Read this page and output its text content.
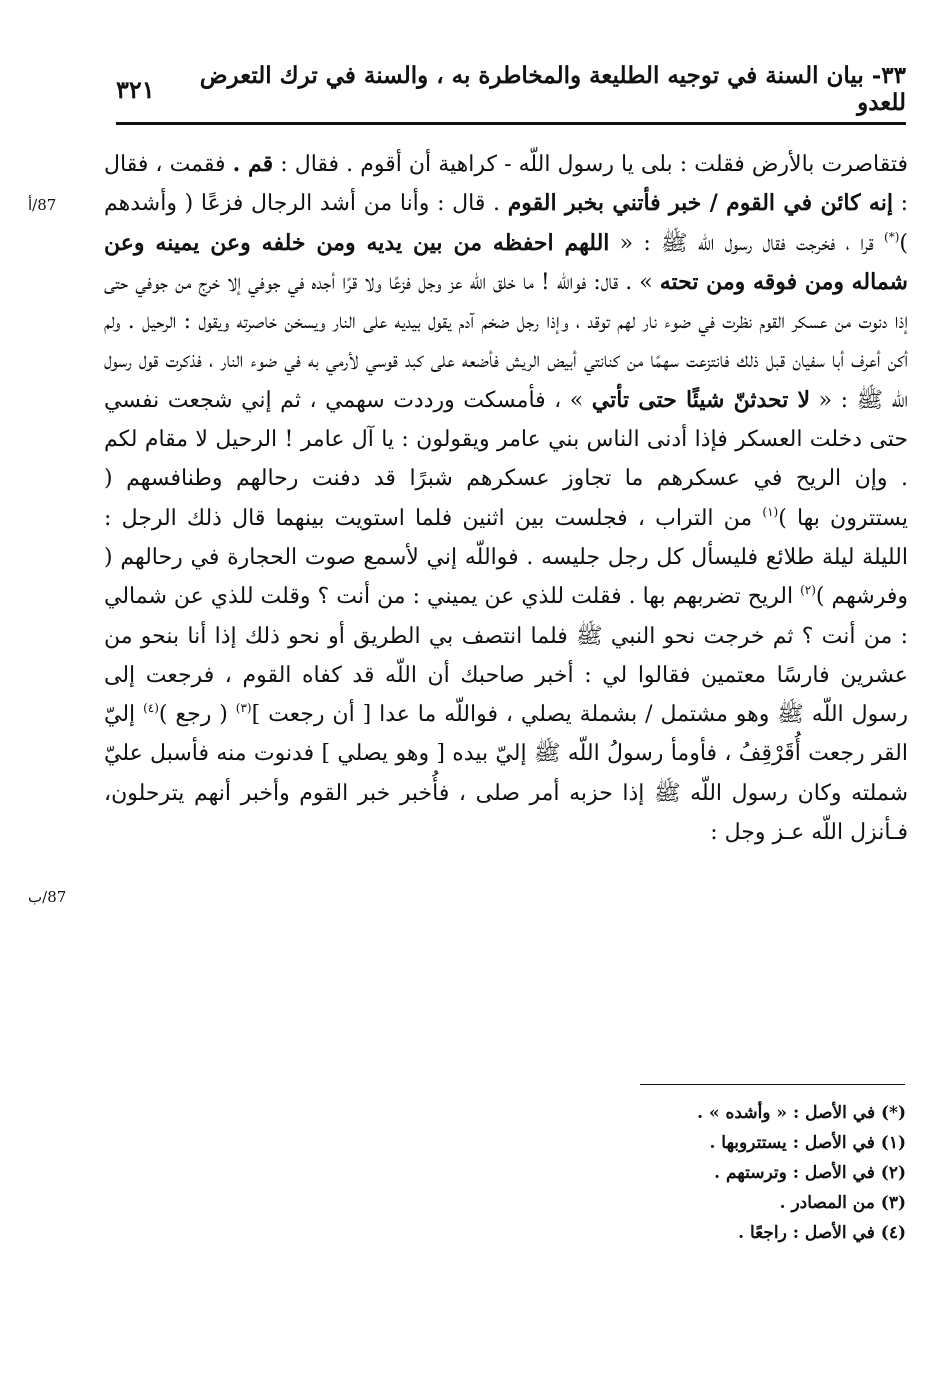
٣٣- بيان السنة في توجيه الطليعة والمخاطرة به ، والسنة في ترك التعرض للعدو
٣٢١
87/أ
87/ب

فتقاصرت بالأرض فقلت : بلى يا رسول اللّه - كراهية أن أقوم . فقال : قم . فقمت ، فقال : إنه كائن في القوم / خبر فأتني بخبر القوم . قال : وأنا من أشد الرجال فزعًا ( وأشدهم )(*) قرا ، فخرجت فقال رسول اللّه ﷺ : « اللهم احفظه من بين يديه ومن خلفه وعن يمينه وعن شماله ومن فوقه ومن تحته » . قال: فواللّه ! ما خلق اللّه عز وجل فزعًا ولا قرًا أجده في جوفي إلا خرج من جوفي حتى إذا دنوت من عسكر القوم نظرت في ضوء نار لهم توقد ، وإذا رجل ضخم آدم يقول بيديه على النار ويسخن خاصرته ويقول : الرحيل . ولم أكن أعرف أبا سفيان قبل ذلك فانتزعت سهمًا من كنانتي أبيض الريش فأضعه على كبد قوسي لأرمي به في ضوء النار ، فذكرت قول رسول اللّه ﷺ : « لا تحدثنّ شيئًا حتى تأتي » ، فأمسكت ورددت سهمي ، ثم إني شجعت نفسي حتى دخلت العسكر فإذا أدنى الناس بني عامر ويقولون : يا آل عامر ! الرحيل لا مقام لكم . وإن الريح في عسكرهم ما تجاوز عسكرهم شبرًا قد دفنت رحالهم وطنافسهم ( يستترون بها )$^{(١)}$ من التراب ، فجلست بين اثنين فلما استويت بينهما قال ذلك الرجل : الليلة ليلة طلائع فليسأل كل رجل جليسه . فواللّه إني لأسمع صوت الحجارة في رحالهم ( وفرشهم )$^{(٢)}$ الريح تضربهم بها . فقلت للذي عن يميني : من أنت ؟ وقلت للذي عن شمالي : من أنت ؟ ثم خرجت نحو النبي ﷺ فلما انتصف بي الطريق أو نحو ذلك إذا أنا بنحو من عشرين فارسًا معتمين فقالوا لي : أخبر صاحبك أن اللّه قد كفاه القوم ، فرجعت إلى رسول اللّه ﷺ وهو مشتمل / بشملة يصلي ، فواللّه ما عدا [ أن رجعت ]$^{(٣)}$ ( رجع )$^{(٤)}$ إليّ القر رجعت أُقَرْقِفُ ، فأومأ رسولُ اللّه ﷺ إليّ بيده [ وهو يصلي ] فدنوت منه فأسبل عليّ شملته وكان رسول اللّه ﷺ إذا حزبه أمر صلى ، فأُخبر خبر القوم وأخبر أنهم يترحلون، فـأنزل اللّه عـز وجل :

(*) في الأصل : « وأشده » .
(١) في الأصل : يستتروبها .
(٢) في الأصل : وترستهم .
(٣) من المصادر .
(٤) في الأصل : راجعًا .
